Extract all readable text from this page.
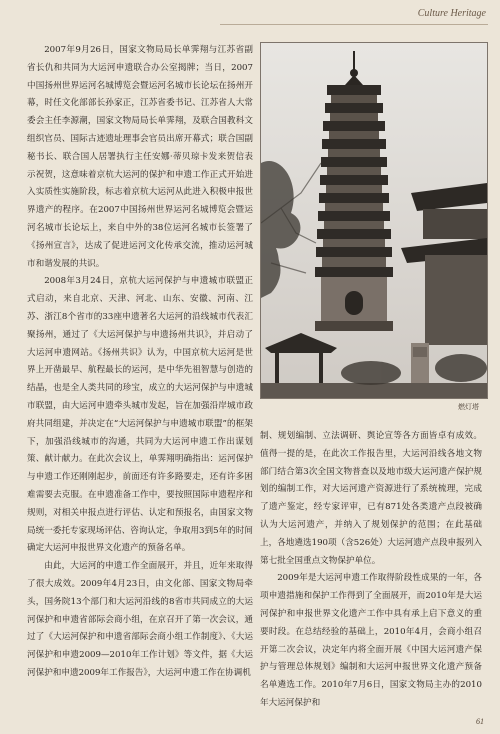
Culture Heritage

2007年9月26日，国家文物局局长单霁翔与江苏省副省长仇和共同为大运河申遗联合办公室揭牌；当日，2007中国扬州世界运河名城博览会暨运河名城市长论坛在扬州开幕，时任文化部部长孙家正，江苏省委书记、江苏省人大常委会主任李源潮，国家文物局局长单霁翔，及联合国教科文组织官员、国际古迹遗址理事会官员出席开幕式；联合国副秘书长、联合国人居署执行主任安娜·蒂贝琼卡发来贺信表示祝贺，这意味着京杭大运河的保护和申遗工作正式开始进入实质性实施阶段，标志着京杭大运河从此进入积极申报世界遗产的程序。在2007中国扬州世界运河名城博览会暨运河名城市长论坛上，来自中外的38位运河名城市长签署了《扬州宣言》，达成了促进运河文化传承交流，推动运河城市和谐发展的共识。

2008年3月24日，京杭大运河保护与申遗城市联盟正式启动，来自北京、天津、河北、山东、安徽、河南、江苏、浙江8个省市的33座申遗著名大运河的沿线城市代表汇聚扬州，通过了《大运河保护与申遗扬州共识》，并启动了大运河申遗网站。《扬州共识》认为，中国京杭大运河是世界上开凿最早、航程最长的运河，是中华先祖智慧与创造的结晶，也是全人类共同的珍宝，成立的大运河保护与申遗城市联盟，由大运河申遗牵头城市发起，旨在加强沿岸城市政府共同组建，并决定在“大运河保护与申遗城市联盟”的框架下，加强沿线城市的沟通，共同为大运河申遗工作出谋划策、献计献力。在此次会议上，单霁翔明确指出：运河保护与申遗工作还刚刚起步，前面还有许多路要走，还有许多困难需要去克服。在申遗准备工作中，要按照国际申遗程序和规则，对相关申报点进行评估、认定和预报名，由国家文物局统一委托专家现场评估、咨询认定，争取用3到5年的时间确定大运河申报世界文化遗产的预备名单。

由此，大运河的申遗工作全面展开，并且，近年来取得了很大成效。2009年4月23日，由文化部、国家文物局牵头，国务院13个部门和大运河沿线的8省市共同成立的大运河保护和申遗省部际会商小组，在京召开了第一次会议，通过了《大运河保护和申遗省部际会商小组工作制度》、《大运河保护和申遗2009—2010年工作计划》等文件，据《大运河保护和申遗2009年工作报告》，大运河申遗工作在协调机

燃灯塔

制、规划编制、立法调研、舆论宣等各方面皆卓有成效。值得一提的是，在此次工作报告里，大运河沿线各地文物部门结合第3次全国文物普查以及地市级大运河遗产保护规划的编制工作，对大运河遗产资源进行了系统梳理，完成了遗产鉴定，经专家评审，已有871处各类遗产点段被确认为大运河遗产，并纳入了规划保护的范围；在此基础上，各地遴选190项（含526处）大运河遗产点段申报列入第七批全国重点文物保护单位。

2009年是大运河申遗工作取得阶段性成果的一年，各项申遗措施和保护工作得到了全面展开，而2010年是大运河保护和申报世界文化遗产工作中具有承上启下意义的重要时段。在总结经验的基础上，2010年4月，会商小组召开第二次会议，决定年内将全面开展《中国大运河遗产保护与管理总体规划》编制和大运河申报世界文化遗产预备名单遴选工作。2010年7月6日，国家文物局主办的2010年大运河保护和

61
